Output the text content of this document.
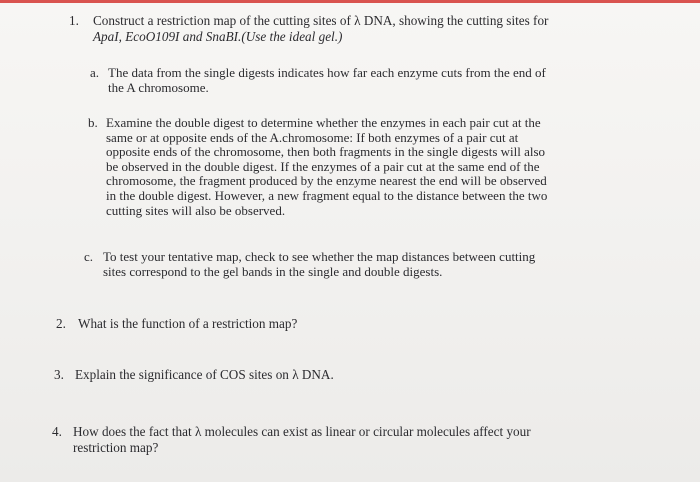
1. Construct a restriction map of the cutting sites of λ DNA, showing the cutting sites for
ApaI, EcoO109I and SnaBI.(Use the ideal gel.)
a. The data from the single digests indicates how far each enzyme cuts from the end of
the A chromosome.
b. Examine the double digest to determine whether the enzymes in each pair cut at the
same or at opposite ends of the A.chromosome: If both enzymes of a pair cut at
opposite ends of the chromosome, then both fragments in the single digests will also
be observed in the double digest. If the enzymes of a pair cut at the same end of the
chromosome, the fragment produced by the enzyme nearest the end will be observed
in the double digest. However, a new fragment equal to the distance between the two
cutting sites will also be observed.
c. To test your tentative map, check to see whether the map distances between cutting
sites correspond to the gel bands in the single and double digests.
2. What is the function of a restriction map?
3. Explain the significance of COS sites on λ DNA.
4. How does the fact that λ molecules can exist as linear or circular molecules affect your
restriction map?
